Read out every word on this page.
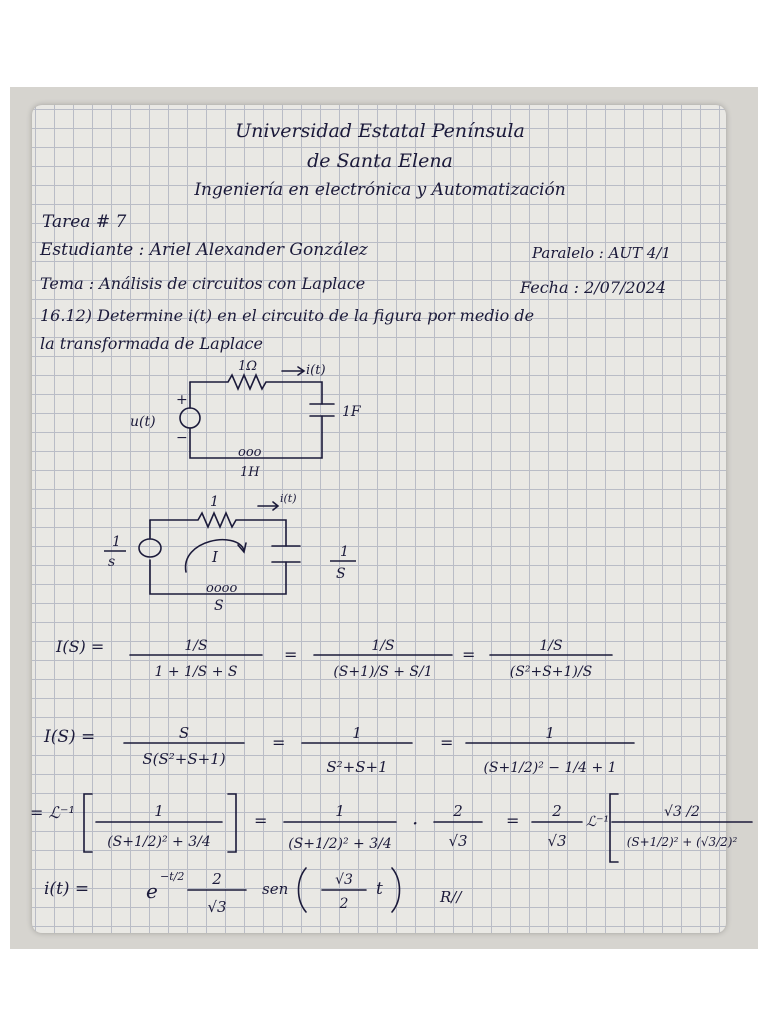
Universidad Estatal Península
de Santa Elena
Ingeniería en electrónica y Automatización
Tarea # 7
Estudiante : Ariel Alexander González	Paralelo : AUT 4/1
Tema : Análisis de circuitos con Laplace	Fecha : 2/07/2024
16.12) Determine i(t) en el circuito de la figura por medio de
la transformada de Laplace
1Ω	i(t)
+
−
u(t)
1F
ooo
1H
1	i(t)
1
s	I	1
S
oooo
S
I(S) =	1/S
1 + 1/S + S
=	1/S
(S+1)/S + S/1
=	1/S
(S²+S+1)/S
I(S) =	S
S(S²+S+1)
=	1
S²+S+1
=	1
(S+1/2)² − 1/4 + 1
= ℒ⁻¹	1
(S+1/2)² + 3/4
=	1
(S+1/2)² + 3/4
· 2
√3
= 2
√3
ℒ⁻¹
√3 /2
(S+1/2)² + (√3/2)²
i(t) =	e
−t/2 2
√3
sen	√3
2
t	R//
